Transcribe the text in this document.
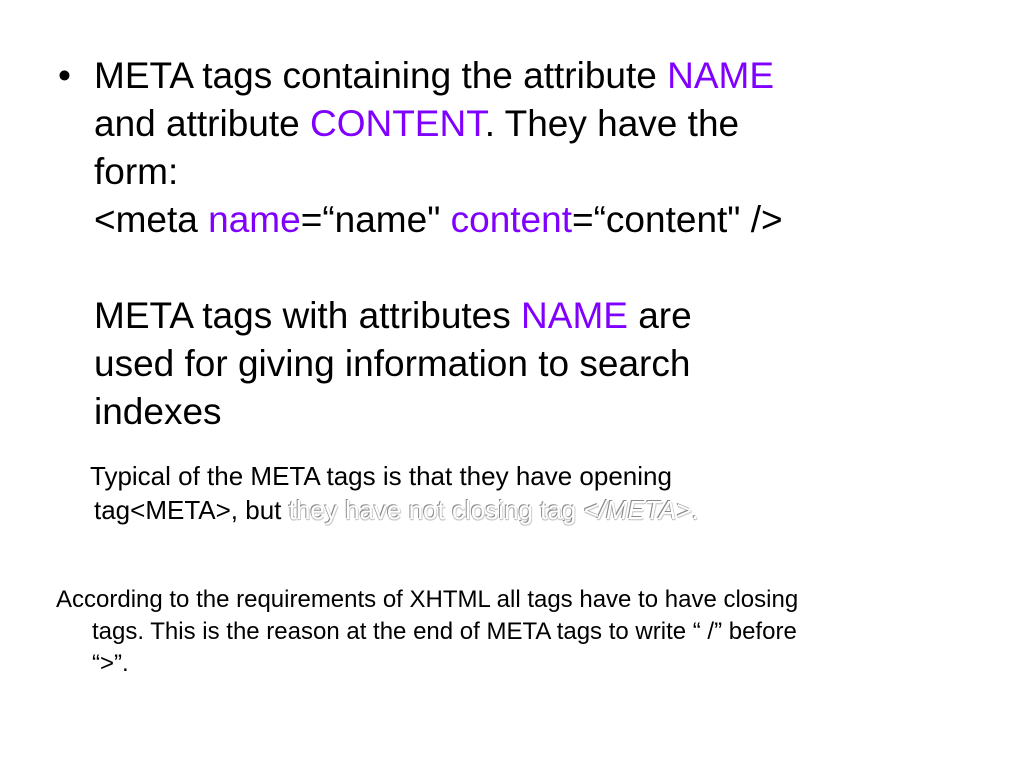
• META tags containing the attribute NAME
and attribute CONTENT. They have the
form:
<meta name=“name" content=“content" />
META tags with attributes NAME are
used for giving information to search
indexes
Typical of the META tags is that they have opening
tag<META>, but they have not closing tag </META>.
According to the requirements of XHTML all tags have to have closing
tags. This is the reason at the end of META tags to write “ /” before
“>”.
